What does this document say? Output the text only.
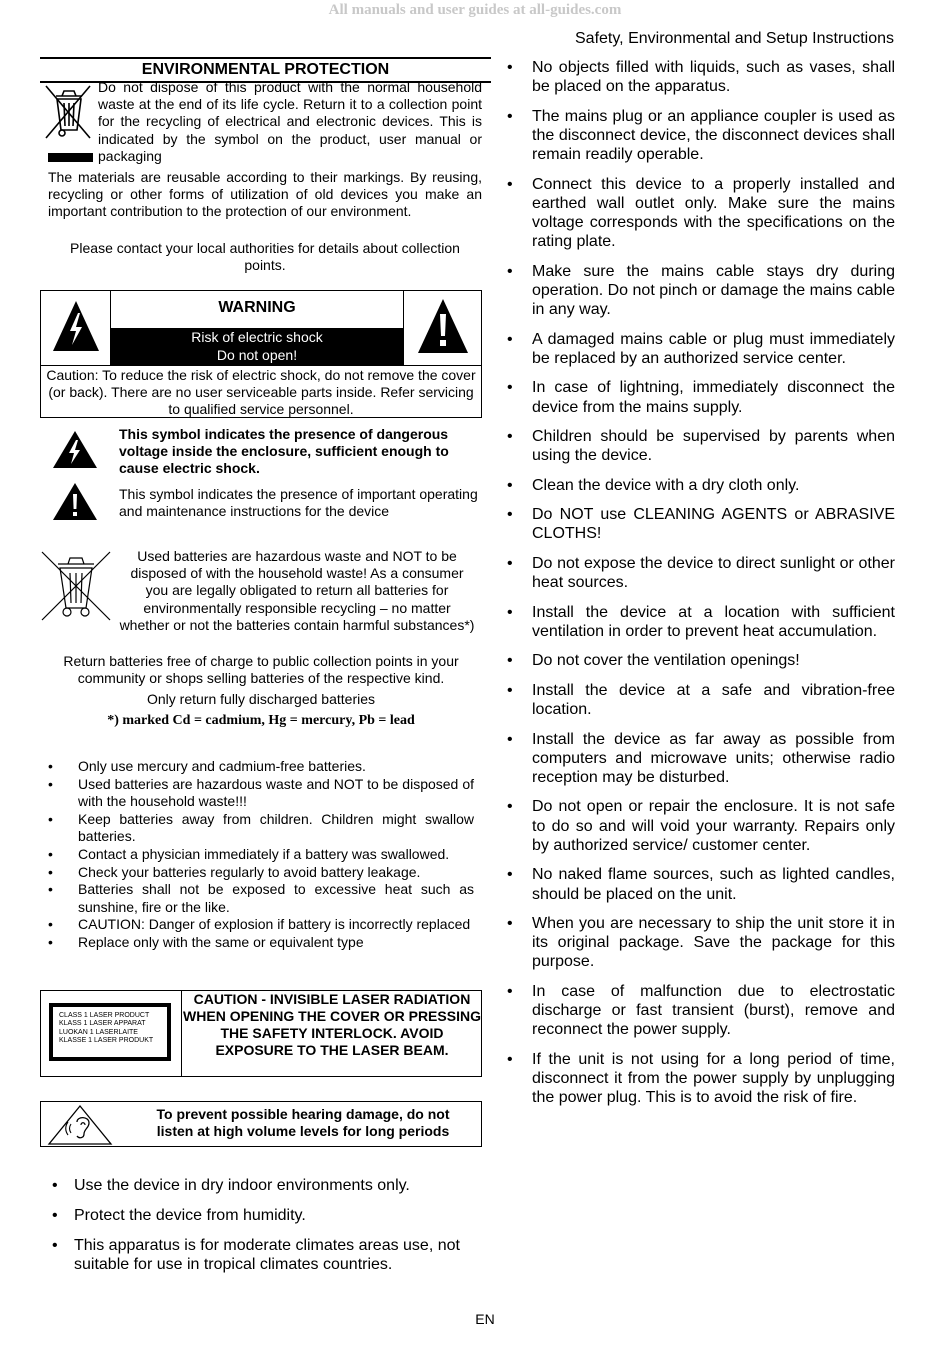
All manuals and user guides at all-guides.com
Safety, Environmental and Setup Instructions
ENVIRONMENTAL PROTECTION
Do not dispose of this product with the normal household waste at the end of its life cycle. Return it to a collection point for the recycling of electrical and electronic devices. This is indicated by the symbol on the product, user manual or packaging
The materials are reusable according to their markings. By reusing, recycling or other forms of utilization of old devices you make an important contribution to the protection of our environment.
Please contact your local authorities for details about collection points.
WARNING
Risk of electric shock
Do not open!
Caution: To reduce the risk of electric shock, do not remove the cover (or back). There are no user serviceable parts inside. Refer servicing to qualified service personnel.
This symbol indicates the presence of dangerous voltage inside the enclosure, sufficient enough to cause electric shock.
This symbol indicates the presence of important operating and maintenance instructions for the device
Used batteries are hazardous waste and NOT to be disposed of with the household waste! As a consumer you are legally obligated to return all batteries for environmentally responsible recycling – no matter whether or not the batteries contain harmful substances*)
Return batteries free of charge to public collection points in your community or shops selling batteries of the respective kind.
Only return fully discharged batteries
*) marked Cd = cadmium, Hg = mercury, Pb = lead
• Only use mercury and cadmium-free batteries.
• Used batteries are hazardous waste and NOT to be disposed of with the household waste!!!
• Keep batteries away from children. Children might swallow batteries.
• Contact a physician immediately if a battery was swallowed.
• Check your batteries regularly to avoid battery leakage.
• Batteries shall not be exposed to excessive heat such as sunshine, fire or the like.
• CAUTION: Danger of explosion if battery is incorrectly replaced
• Replace only with the same or equivalent type
CLASS 1 LASER PRODUCT
KLASS 1 LASER APPARAT
LUOKAN 1 LASERLAITE
KLASSE 1 LASER PRODUKT
CAUTION - INVISIBLE LASER RADIATION WHEN OPENING THE COVER OR PRESSING THE SAFETY INTERLOCK. AVOID EXPOSURE TO THE LASER BEAM.
To prevent possible hearing damage, do not listen at high volume levels for long periods
• Use the device in dry indoor environments only.
• Protect the device from humidity.
• This apparatus is for moderate climates areas use, not suitable for use in tropical climates countries.
• No objects filled with liquids, such as vases, shall be placed on the apparatus.
• The mains plug or an appliance coupler is used as the disconnect device, the disconnect devices shall remain readily operable.
• Connect this device to a properly installed and earthed wall outlet only. Make sure the mains voltage corresponds with the specifications on the rating plate.
• Make sure the mains cable stays dry during operation. Do not pinch or damage the mains cable in any way.
• A damaged mains cable or plug must immediately be replaced by an authorized service center.
• In case of lightning, immediately disconnect the device from the mains supply.
• Children should be supervised by parents when using the device.
• Clean the device with a dry cloth only.
• Do NOT use CLEANING AGENTS or ABRASIVE CLOTHS!
• Do not expose the device to direct sunlight or other heat sources.
• Install the device at a location with sufficient ventilation in order to prevent heat accumulation.
• Do not cover the ventilation openings!
• Install the device at a safe and vibration-free location.
• Install the device as far away as possible from computers and microwave units; otherwise radio reception may be disturbed.
• Do not open or repair the enclosure. It is not safe to do so and will void your warranty. Repairs only by authorized service/ customer center.
• No naked flame sources, such as lighted candles, should be placed on the unit.
• When you are necessary to ship the unit store it in its original package. Save the package for this purpose.
• In case of malfunction due to electrostatic discharge or fast transient (burst), remove and reconnect the power supply.
• If the unit is not using for a long period of time, disconnect it from the power supply by unplugging the power plug. This is to avoid the risk of fire.
EN
